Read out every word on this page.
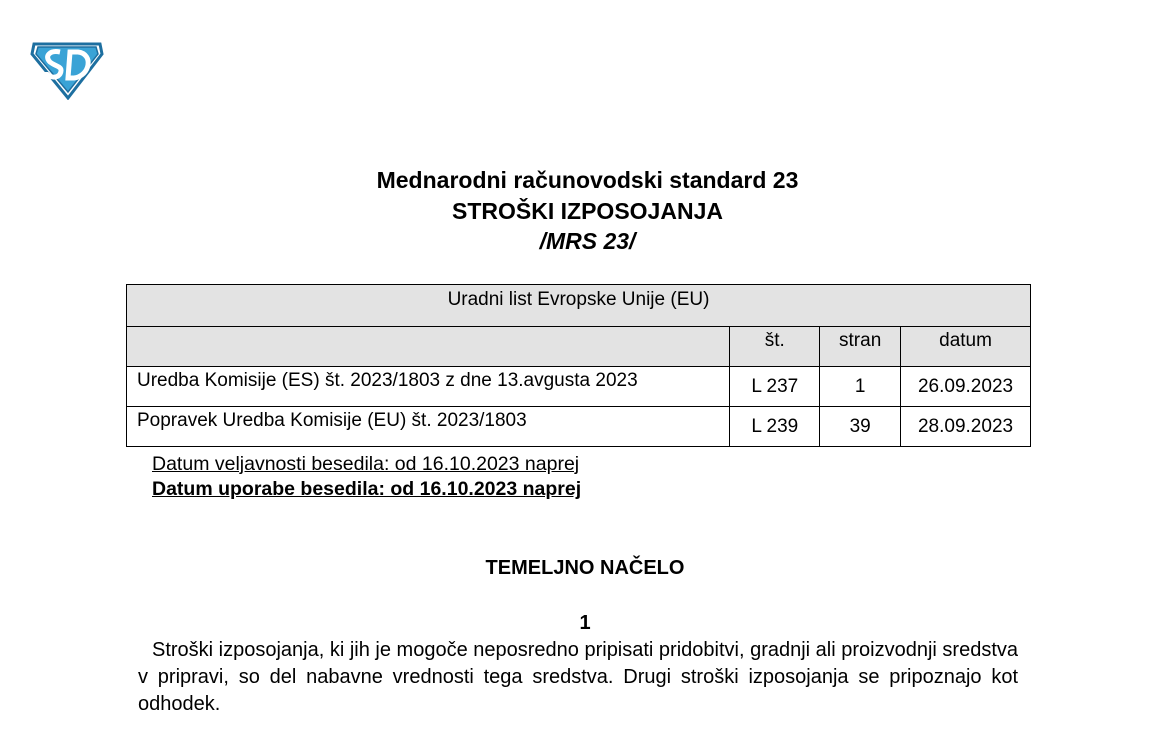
Mednarodni računovodski standard 23
STROŠKI IZPOSOJANJA
/MRS 23/
Uradni list Evropske Unije (EU)			
	št.	stran	datum
Uredba Komisije (ES) št. 2023/1803 z dne 13.avgusta 2023	L 237	1	26.09.2023
Popravek Uredba Komisije (EU) št. 2023/1803	L 239	39	28.09.2023
Datum veljavnosti besedila: od 16.10.2023 naprej
Datum uporabe besedila: od 16.10.2023 naprej
TEMELJNO NAČELO
1
Stroški izposojanja, ki jih je mogoče neposredno pripisati pridobitvi, gradnji ali proizvodnji sredstva v pripravi, so del nabavne vrednosti tega sredstva. Drugi stroški izposojanja se pripoznajo kot odhodek.
